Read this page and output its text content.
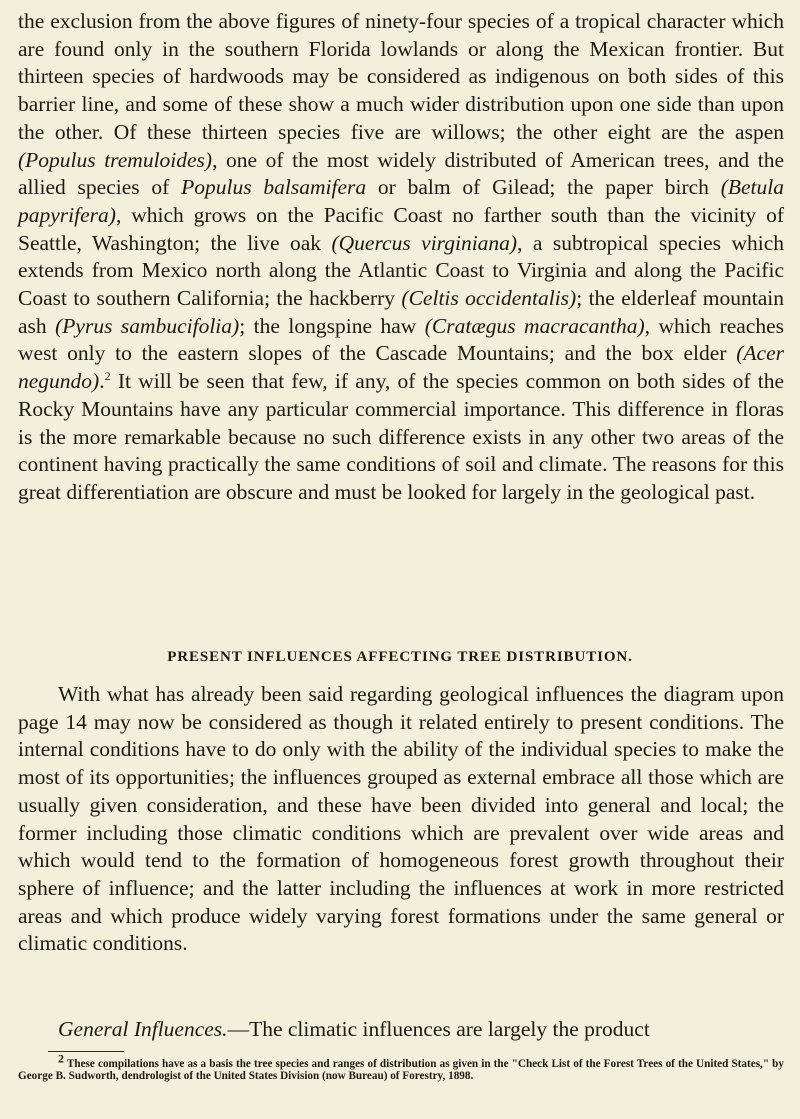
the exclusion from the above figures of ninety-four species of a tropical character which are found only in the southern Florida lowlands or along the Mexican frontier. But thirteen species of hardwoods may be considered as indigenous on both sides of this barrier line, and some of these show a much wider distribution upon one side than upon the other. Of these thirteen species five are willows; the other eight are the aspen (Populus tremuloides), one of the most widely distributed of American trees, and the allied species of Populus balsamifera or balm of Gilead; the paper birch (Betula papyrifera), which grows on the Pacific Coast no farther south than the vicinity of Seattle, Washington; the live oak (Quercus virginiana), a subtropical species which extends from Mexico north along the Atlantic Coast to Virginia and along the Pacific Coast to southern California; the hackberry (Celtis occidentalis); the elderleaf mountain ash (Pyrus sambucifolia); the longspine haw (Cratægus macracantha), which reaches west only to the eastern slopes of the Cascade Mountains; and the box elder (Acer negundo).$^2$ It will be seen that few, if any, of the species common on both sides of the Rocky Mountains have any particular commercial importance. This difference in floras is the more remarkable because no such difference exists in any other two areas of the continent having practically the same conditions of soil and climate. The reasons for this great differentiation are obscure and must be looked for largely in the geological past.

PRESENT INFLUENCES AFFECTING TREE DISTRIBUTION.

With what has already been said regarding geological influences the diagram upon page 14 may now be considered as though it related entirely to present conditions. The internal conditions have to do only with the ability of the individual species to make the most of its opportunities; the influences grouped as external embrace all those which are usually given consideration, and these have been divided into general and local; the former including those climatic conditions which are prevalent over wide areas and which would tend to the formation of homogeneous forest growth throughout their sphere of influence; and the latter including the influences at work in more restricted areas and which produce widely varying forest formations under the same general or climatic conditions.

General Influences.—The climatic influences are largely the product

$^2$ These compilations have as a basis the tree species and ranges of distribution as given in the "Check List of the Forest Trees of the United States," by George B. Sudworth, dendrologist of the United States Division (now Bureau) of Forestry, 1898.
